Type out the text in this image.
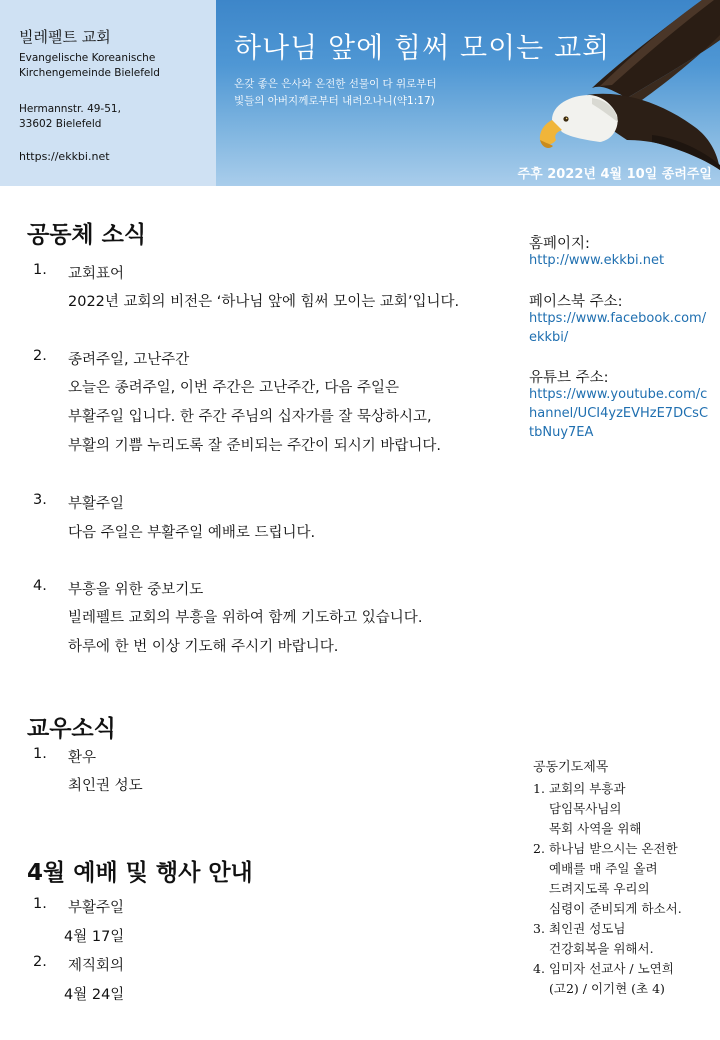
빌레펠트 교회
Evangelische Koreanische
Kirchengemeinde Bielefeld
Hermannstr. 49-51,
33602 Bielefeld
https://ekkbi.net
하나님 앞에 힘써 모이는 교회
온갖 좋은 은사와 온전한 선물이 다 위로부터
빛들의 아버지께로부터 내려오나니(약1:17)
주후 2022년 4월 10일 종려주일
공동체 소식
1. 교회표어
2022년 교회의 비전은 ‘하나님 앞에 힘써 모이는 교회’입니다.
2. 종려주일, 고난주간
오늘은 종려주일, 이번 주간은 고난주간, 다음 주일은
부활주일 입니다. 한 주간 주님의 십자가를 잘 묵상하시고,
부활의 기쁨 누리도록 잘 준비되는 주간이 되시기 바랍니다.
3. 부활주일
다음 주일은 부활주일 예배로 드립니다.
4. 부흥을 위한 중보기도
빌레펠트 교회의 부흥을 위하여 함께 기도하고 있습니다.
하루에 한 번 이상 기도해 주시기 바랍니다.
교우소식
1. 환우
최인권 성도
4월 예배 및 행사 안내
1. 부활주일
4월 17일
2. 제직회의
4월 24일
홈페이지:
http://www.ekkbi.net
페이스북 주소:
https://www.facebook.com/ekkbi/
유튜브 주소:
https://www.youtube.com/channel/UCI4yzEVHzE7DCsCtbNuy7EA
공동기도제목
1. 교회의 부흥과
담임목사님의
목회 사역을 위해
2. 하나님 받으시는 온전한
예배를 매 주일 올려
드려지도록 우리의
심령이 준비되게 하소서.
3. 최인권 성도님
건강회복을 위해서.
4. 임미자 선교사 / 노연희
(고2) / 이기현 (초 4)
